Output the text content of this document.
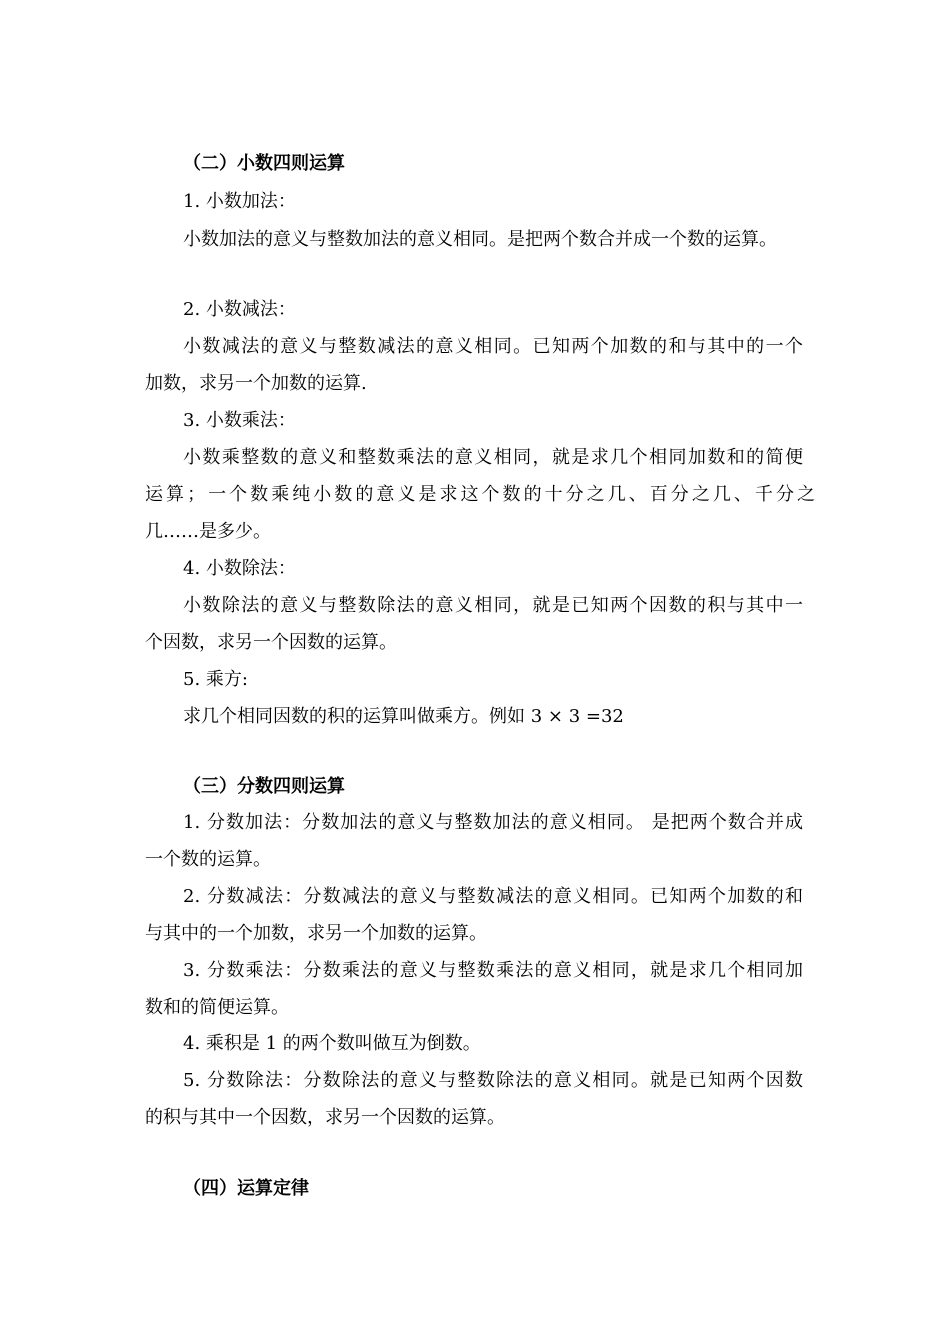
（二）小数四则运算
1. 小数加法：
小数加法的意义与整数加法的意义相同。是把两个数合并成一个数的运算。
2. 小数减法：
小数减法的意义与整数减法的意义相同。已知两个加数的和与其中的一个
加数，求另一个加数的运算.
3. 小数乘法：
小数乘整数的意义和整数乘法的意义相同，就是求几个相同加数和的简便
运算；一个数乘纯小数的意义是求这个数的十分之几、百分之几、千分之
几……是多少。
4. 小数除法：
小数除法的意义与整数除法的意义相同，就是已知两个因数的积与其中一
个因数，求另一个因数的运算。
5. 乘方:
求几个相同因数的积的运算叫做乘方。例如 3 × 3 =32
（三）分数四则运算
1. 分数加法：分数加法的意义与整数加法的意义相同。 是把两个数合并成
一个数的运算。
2. 分数减法：分数减法的意义与整数减法的意义相同。已知两个加数的和
与其中的一个加数，求另一个加数的运算。
3. 分数乘法：分数乘法的意义与整数乘法的意义相同，就是求几个相同加
数和的简便运算。
4. 乘积是 1 的两个数叫做互为倒数。
5. 分数除法：分数除法的意义与整数除法的意义相同。就是已知两个因数
的积与其中一个因数，求另一个因数的运算。
（四）运算定律
